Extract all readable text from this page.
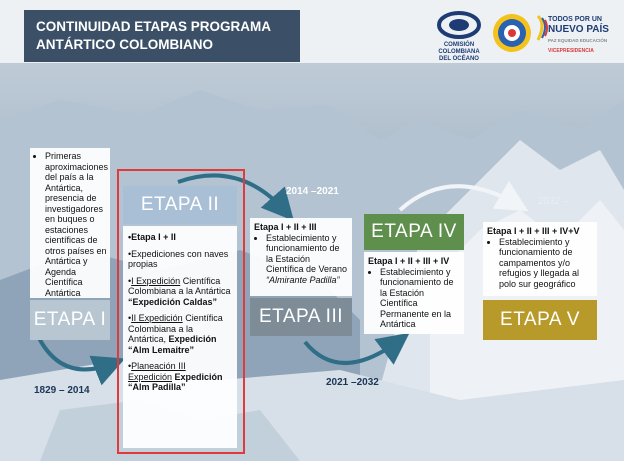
CONTINUIDAD ETAPAS PROGRAMA
ANTÁRTICO COLOMBIANO	COMISIÓN
COLOMBIANA
DEL OCÉANO
TODOS POR UN
NUEVO PAÍS
PAZ EQUIDAD EDUCACIÓN
VICEPRESIDENCIA
• Primeras aproximaciones del país a la Antártica, presencia de investigadores en buques o estaciones científicas de otros países en Antártica y Agenda Científica Antártica
ETAPA I
1829 – 2014
ETAPA II
•Etapa I + II
•Expediciones con naves propias
•I Expedición Científica Colombiana a la Antártica “Expedición Caldas”
•II Expedición Científica Colombiana a la Antártica, Expedición “Alm Lemaitre”
•Planeación III Expedición Expedición “Alm Padilla”
2014 –2021
Etapa I + II + III
• Establecimiento y funcionamiento de la Estación Científica de Verano “Almirante Padilla”
ETAPA III
ETAPA IV
Etapa I + II + III + IV
• Establecimiento y funcionamiento de la Estación Científica Permanente en la Antártica
2021 –2032
2032 –
Etapa I + II + III + IV+V
• Establecimiento y funcionamiento de campamentos y/o refugios y llegada al polo sur geográfico
ETAPA V
